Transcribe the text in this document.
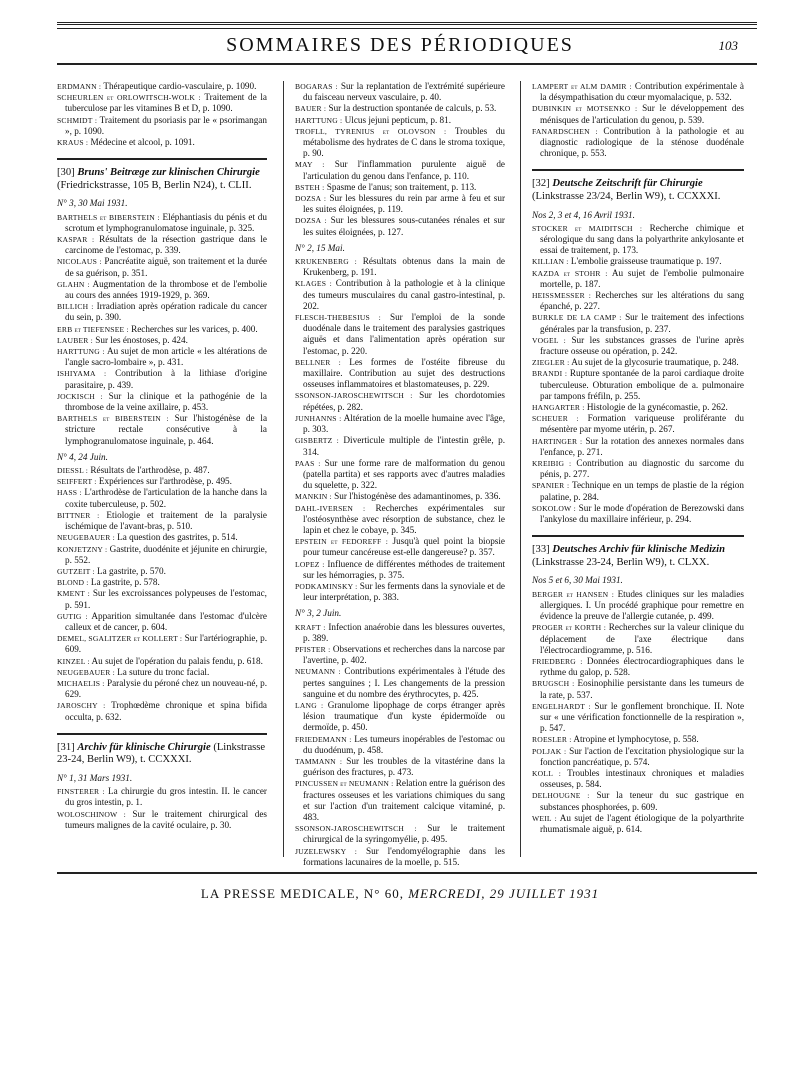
SOMMAIRES DES PÉRIODIQUES	103

ERDMANN : Thérapeutique cardio-vasculaire, p. 1090.

SCHEURLEN et ORLOWITSCH-WOLK : Traitement de la tuberculose par les vitamines B et D, p. 1090.

SCHMIDT : Traitement du psoriasis par le « psorimangan », p. 1090.

KRAUS : Médecine et alcool, p. 1091.

[30] Bruns' Beitræge zur klinischen Chirurgie (Friedrickstrasse, 105 B, Berlin N24), t. CLII.
N° 3, 30 Mai 1931.

BARTHELS et BIBERSTEIN : Eléphantiasis du pénis et du scrotum et lymphogranulomatose inguinale, p. 325.

KASPAR : Résultats de la résection gastrique dans le carcinome de l'estomac, p. 339.

NICOLAUS : Pancréatite aiguë, son traitement et la durée de sa guérison, p. 351.

GLAHN : Augmentation de la thrombose et de l'embolie au cours des années 1919-1929, p. 369.

BILLICH : Irradiation après opération radicale du cancer du sein, p. 390.

ERB et TIEFENSEE : Recherches sur les varices, p. 400.

LAUBER : Sur les énostoses, p. 424.

HARTTUNG : Au sujet de mon article « les altérations de l'angle sacro-lombaire », p. 431.

ISHIYAMA : Contribution à la lithiase d'origine parasitaire, p. 439.

JOCKISCH : Sur la clinique et la pathogénie de la thrombose de la veine axillaire, p. 453.

BARTHELS et BIBERSTEIN : Sur l'histogénèse de la stricture rectale consécutive à la lymphogranulomatose inguinale, p. 464.

N° 4, 24 Juin.

DIESSL : Résultats de l'arthrodèse, p. 487.

SEIFFERT : Expériences sur l'arthrodèse, p. 495.

HASS : L'arthrodèse de l'articulation de la hanche dans la coxite tuberculeuse, p. 502.

BITTNER : Etiologie et traitement de la paralysie ischémique de l'avant-bras, p. 510.

NEUGEBAUER : La question des gastrites, p. 514.

KONJETZNY : Gastrite, duodénite et jéjunite en chirurgie, p. 552.

GUTZEIT : La gastrite, p. 570.

BLOND : La gastrite, p. 578.

KMENT : Sur les excroissances polypeuses de l'estomac, p. 591.

GUTIG : Apparition simultanée dans l'estomac d'ulcère calleux et de cancer, p. 604.

DEMEL, SGALITZER et KOLLERT : Sur l'artériographie, p. 609.

KINZEL : Au sujet de l'opération du palais fendu, p. 618.

NEUGEBAUER : La suture du tronc facial.

MICHAELIS : Paralysie du péroné chez un nouveau-né, p. 629.

JAROSCHY : Trophœdème chronique et spina bifida occulta, p. 632.

[31] Archiv für klinische Chirurgie (Linkstrasse 23-24, Berlin W9), t. CCXXXI.
N° 1, 31 Mars 1931.

FINSTERER : La chirurgie du gros intestin. II. le cancer du gros intestin, p. 1.

WOLOSCHINOW : Sur le traitement chirurgical des tumeurs malignes de la cavité oculaire, p. 30.

BOGARAS : Sur la replantation de l'extrémité supérieure du faisceau nerveux vasculaire, p. 40.

BAUER : Sur la destruction spontanée de calculs, p. 53.

HARTTUNG : Ulcus jejuni pepticum, p. 81.

TROFLL, TYRENIUS et OLOVSON : Troubles du métabolisme des hydrates de C dans le stroma toxique, p. 90.

MAY : Sur l'inflammation purulente aiguë de l'articulation du genou dans l'enfance, p. 110.

BSTEH : Spasme de l'anus; son traitement, p. 113.

DOZSA : Sur les blessures du rein par arme à feu et sur les suites éloignées, p. 119.

DOZSA : Sur les blessures sous-cutanées rénales et sur les suites éloignées, p. 127.

N° 2, 15 Mai.

KRUKENBERG : Résultats obtenus dans la main de Krukenberg, p. 191.

KLAGES : Contribution à la pathologie et à la clinique des tumeurs musculaires du canal gastro-intestinal, p. 202.

FLESCH-THEBESIUS : Sur l'emploi de la sonde duodénale dans le traitement des paralysies gastriques aiguës et dans l'alimentation après opération sur l'estomac, p. 220.

BELLNER : Les formes de l'ostéite fibreuse du maxillaire. Contribution au sujet des destructions osseuses inflammatoires et blastomateuses, p. 229.

SSONSON-JAROSCHEWITSCH : Sur les chordotomies répétées, p. 282.

JUNHANNS : Altération de la moelle humaine avec l'âge, p. 303.

GISBERTZ : Diverticule multiple de l'intestin grêle, p. 314.

PAAS : Sur une forme rare de malformation du genou (patella partita) et ses rapports avec d'autres maladies du squelette, p. 322.

MANKIN : Sur l'histogénèse des adamantinomes, p. 336.

DAHL-IVERSEN : Recherches expérimentales sur l'ostéosynthèse avec résorption de substance, chez le lapin et chez le cobaye, p. 345.

EPSTEIN et FEDOREFF : Jusqu'à quel point la biopsie pour tumeur cancéreuse est-elle dangereuse? p. 357.

LOPEZ : Influence de différentes méthodes de traitement sur les hémorragies, p. 375.

PODKAMINSKY : Sur les ferments dans la synoviale et de leur interprétation, p. 383.

N° 3, 2 Juin.

KRAFT : Infection anaérobie dans les blessures ouvertes, p. 389.

PFISTER : Observations et recherches dans la narcose par l'avertine, p. 402.

NEUMANN : Contributions expérimentales à l'étude des pertes sanguines ; I. Les changements de la pression sanguine et du nombre des érythrocytes, p. 425.

LANG : Granulome lipophage de corps étranger après lésion traumatique d'un kyste épidermoïde ou dermoïde, p. 450.

FRIEDEMANN : Les tumeurs inopérables de l'estomac ou du duodénum, p. 458.

TAMMANN : Sur les troubles de la vitastérine dans la guérison des fractures, p. 473.

PINCUSSEN et NEUMANN : Relation entre la guérison des fractures osseuses et les variations chimiques du sang et sur l'action d'un traitement calcique vitaminé, p. 483.

SSONSON-JAROSCHEWITSCH : Sur le traitement chirurgical de la syringomyélie, p. 495.

JUZELEWSKY : Sur l'endomyélographie dans les formations lacunaires de la moelle, p. 515.

LAMPERT et ALM DAMIR : Contribution expérimentale à la désympathisation du cœur myomalacique, p. 532.

DUBINKIN et MOTSENKO : Sur le développement des ménisques de l'articulation du genou, p. 539.

FANARDSCHEN : Contribution à la pathologie et au diagnostic radiologique de la sténose duodénale chronique, p. 553.

[32] Deutsche Zeitschrift für Chirurgie (Linkstrasse 23/24, Berlin W9), t. CCXXXI.
Nos 2, 3 et 4, 16 Avril 1931.

STOCKER et MAIDITSCH : Recherche chimique et sérologique du sang dans la polyarthrite ankylosante et essai de traitement, p. 173.

KILLIAN : L'embolie graisseuse traumatique p. 197.

KAZDA et STOHR : Au sujet de l'embolie pulmonaire mortelle, p. 187.

HEISSMESSER : Recherches sur les altérations du sang épanché, p. 227.

BURKLE DE LA CAMP : Sur le traitement des infections générales par la transfusion, p. 237.

VOGEL : Sur les substances grasses de l'urine après fracture osseuse ou opération, p. 242.

ZIEGLER : Au sujet de la glycosurie traumatique, p. 248.

BRANDI : Rupture spontanée de la paroi cardiaque droite tuberculeuse. Obturation embolique de a. pulmonaire par tampons fréfiln, p. 255.

HANGARTER : Histologie de la gynécomastie, p. 262.

SCHEUER : Formation variqueuse proliférante du mésentère par myome utérin, p. 267.

HARTINGER : Sur la rotation des annexes normales dans l'enfance, p. 271.

KREIBIG : Contribution au diagnostic du sarcome du pénis, p. 277.

SPANIER : Technique en un temps de plastie de la région palatine, p. 284.

SOKOLOW : Sur le mode d'opération de Berezowski dans l'ankylose du maxillaire inférieur, p. 294.

[33] Deutsches Archiv für klinische Medizin (Linkstrasse 23-24, Berlin W9), t. CLXX.
Nos 5 et 6, 30 Mai 1931.

BERGER et HANSEN : Etudes cliniques sur les maladies allergiques. I. Un procédé graphique pour remettre en évidence la preuve de l'allergie cutanée, p. 499.

PROGER et KORTH : Recherches sur la valeur clinique du déplacement de l'axe électrique dans l'électrocardiogramme, p. 516.

FRIEDBERG : Données électrocardiographiques dans le rythme du galop, p. 528.

BRUGSCH : Eosinophilie persistante dans les tumeurs de la rate, p. 537.

ENGELHARDT : Sur le gonflement bronchique. II. Note sur « une vérification fonctionnelle de la respiration », p. 547.

ROESLER : Atropine et lymphocytose, p. 558.

POLJAK : Sur l'action de l'excitation physiologique sur la fonction pancréatique, p. 574.

KOLL : Troubles intestinaux chroniques et maladies osseuses, p. 584.

DELHOUGNE : Sur la teneur du suc gastrique en substances phosphorées, p. 609.

WEIL : Au sujet de l'agent étiologique de la polyarthrite rhumatismale aiguë, p. 614.

LA PRESSE MEDICALE, N° 60, MERCREDI, 29 JUILLET 1931
